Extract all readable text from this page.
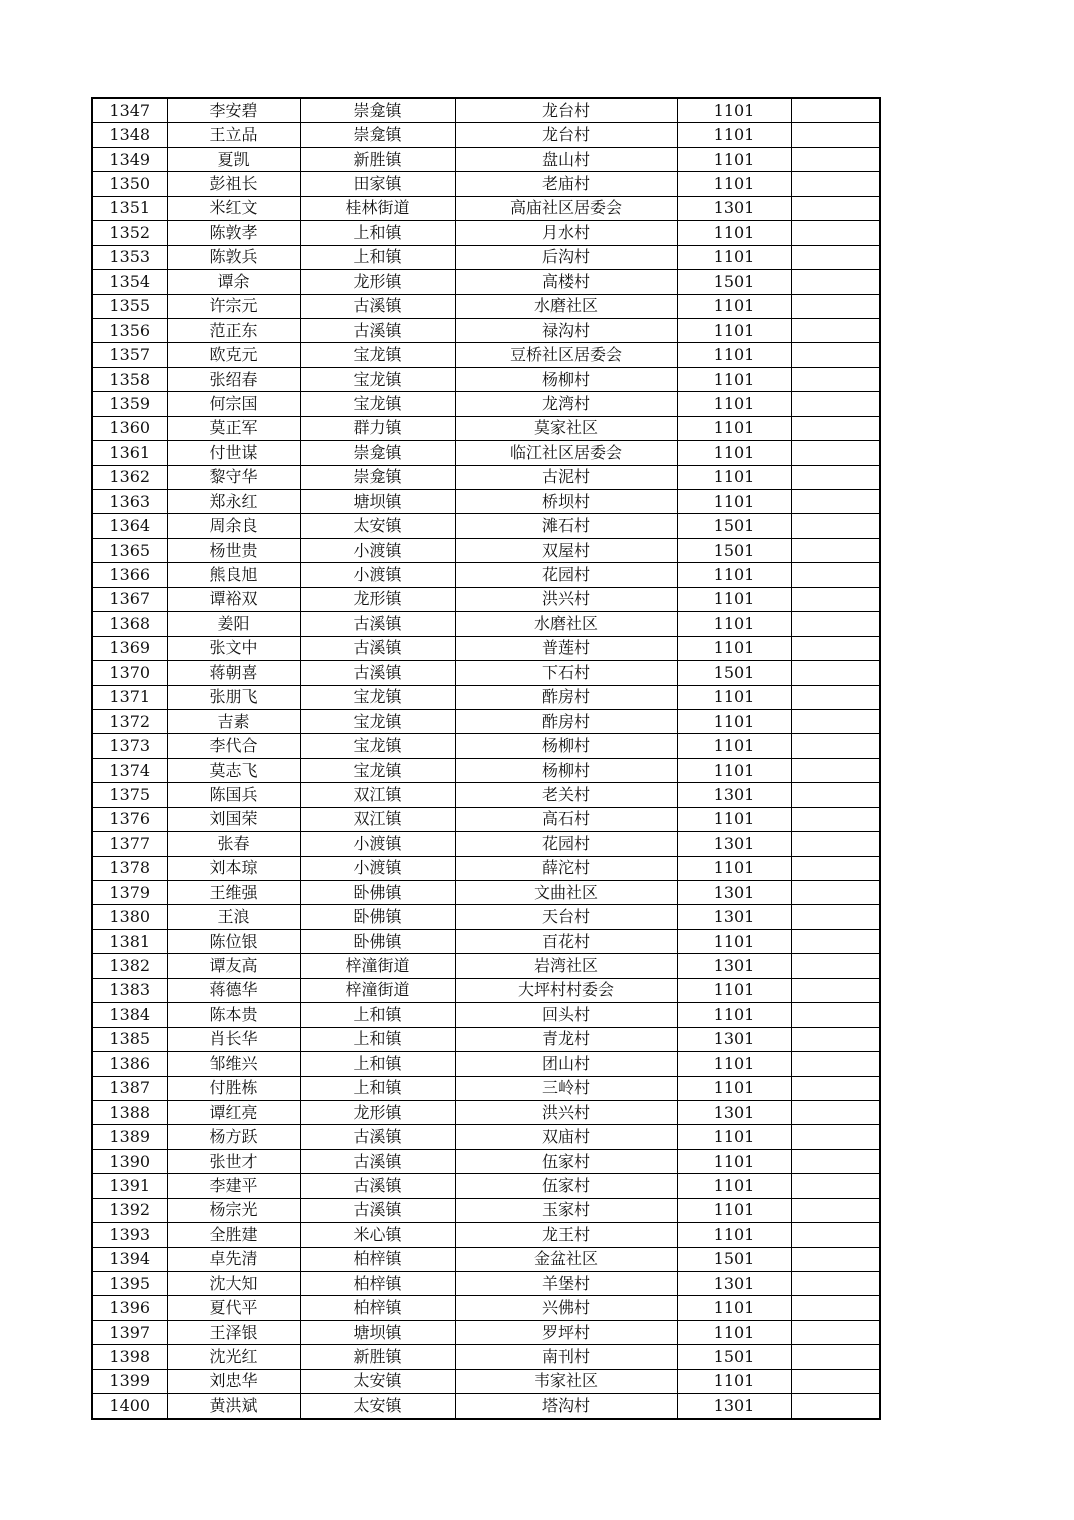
1347	李安碧	崇龛镇	龙台村	1101	
1348	王立品	崇龛镇	龙台村	1101	
1349	夏凯	新胜镇	盘山村	1101	
1350	彭祖长	田家镇	老庙村	1101	
1351	米红文	桂林街道	高庙社区居委会	1301	
1352	陈敦孝	上和镇	月水村	1101	
1353	陈敦兵	上和镇	后沟村	1101	
1354	谭余	龙形镇	高楼村	1501	
1355	许宗元	古溪镇	水磨社区	1101	
1356	范正东	古溪镇	禄沟村	1101	
1357	欧克元	宝龙镇	豆桥社区居委会	1101	
1358	张绍春	宝龙镇	杨柳村	1101	
1359	何宗国	宝龙镇	龙湾村	1101	
1360	莫正军	群力镇	莫家社区	1101	
1361	付世谋	崇龛镇	临江社区居委会	1101	
1362	黎守华	崇龛镇	古泥村	1101	
1363	郑永红	塘坝镇	桥坝村	1101	
1364	周余良	太安镇	滩石村	1501	
1365	杨世贵	小渡镇	双屋村	1501	
1366	熊良旭	小渡镇	花园村	1101	
1367	谭裕双	龙形镇	洪兴村	1101	
1368	姜阳	古溪镇	水磨社区	1101	
1369	张文中	古溪镇	普莲村	1101	
1370	蒋朝喜	古溪镇	下石村	1501	
1371	张朋飞	宝龙镇	酢房村	1101	
1372	吉素	宝龙镇	酢房村	1101	
1373	李代合	宝龙镇	杨柳村	1101	
1374	莫志飞	宝龙镇	杨柳村	1101	
1375	陈国兵	双江镇	老关村	1301	
1376	刘国荣	双江镇	高石村	1101	
1377	张春	小渡镇	花园村	1301	
1378	刘本琼	小渡镇	薛沱村	1101	
1379	王维强	卧佛镇	文曲社区	1301	
1380	王浪	卧佛镇	天台村	1301	
1381	陈位银	卧佛镇	百花村	1101	
1382	谭友高	梓潼街道	岩湾社区	1301	
1383	蒋德华	梓潼街道	大坪村村委会	1101	
1384	陈本贵	上和镇	回头村	1101	
1385	肖长华	上和镇	青龙村	1301	
1386	邹维兴	上和镇	团山村	1101	
1387	付胜栋	上和镇	三岭村	1101	
1388	谭红亮	龙形镇	洪兴村	1301	
1389	杨方跃	古溪镇	双庙村	1101	
1390	张世才	古溪镇	伍家村	1101	
1391	李建平	古溪镇	伍家村	1101	
1392	杨宗光	古溪镇	玉家村	1101	
1393	全胜建	米心镇	龙王村	1101	
1394	卓先清	柏梓镇	金盆社区	1501	
1395	沈大知	柏梓镇	羊堡村	1301	
1396	夏代平	柏梓镇	兴佛村	1101	
1397	王泽银	塘坝镇	罗坪村	1101	
1398	沈光红	新胜镇	南刊村	1501	
1399	刘忠华	太安镇	韦家社区	1101	
1400	黄洪斌	太安镇	塔沟村	1301	
